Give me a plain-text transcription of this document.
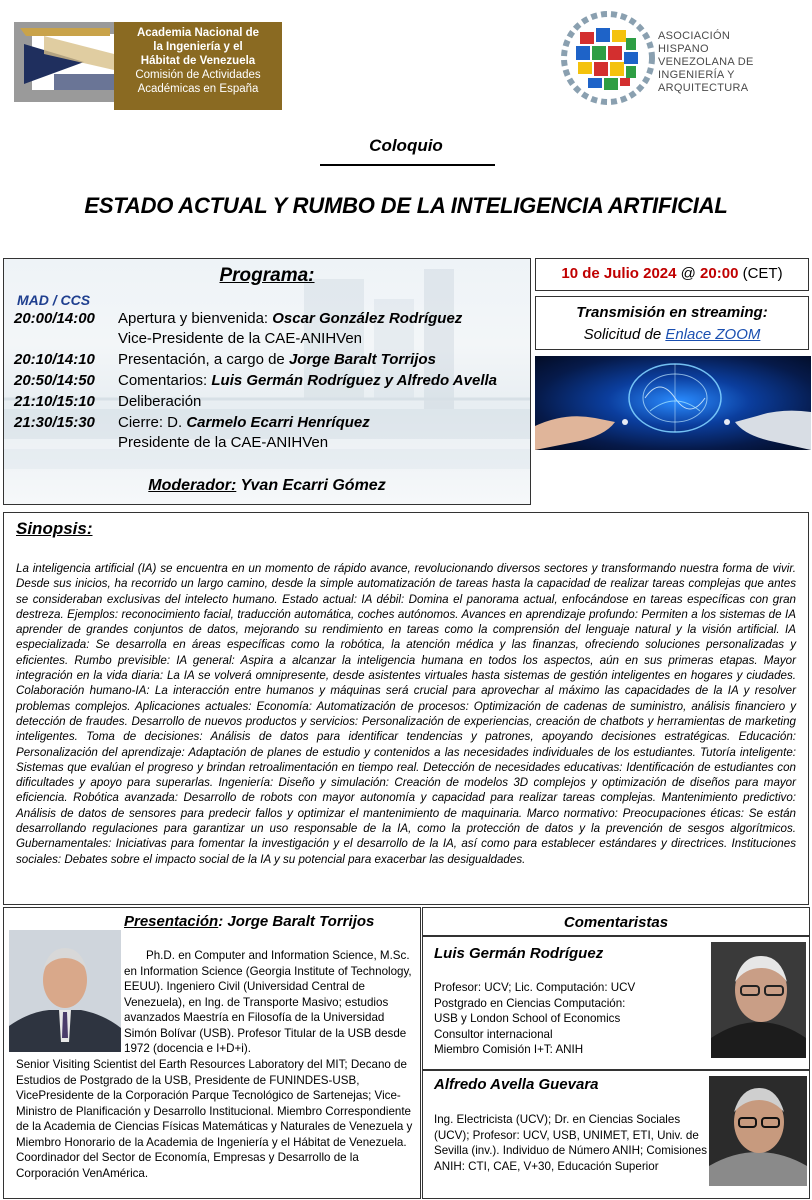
Academia Nacional de
la Ingeniería y el
Hábitat de Venezuela
Comisión de Actividades
Académicas en España
ASOCIACIÓN
HISPANO
VENEZOLANA DE
INGENIERÍA Y
ARQUITECTURA
Coloquio
ESTADO ACTUAL Y RUMBO DE LA INTELIGENCIA ARTIFICIAL
Programa:
MAD / CCS
20:00/14:00	Apertura y bienvenida: Oscar González Rodríguez
Vice-Presidente de la CAE-ANIHVen
20:10/14:10	Presentación, a cargo de Jorge Baralt Torrijos
20:50/14:50	Comentarios: Luis Germán Rodríguez y Alfredo Avella
21:10/15:10	Deliberación
21:30/15:30	Cierre: D. Carmelo Ecarri Henríquez
Presidente de la CAE-ANIHVen
Moderador: Yvan Ecarri Gómez
10 de Julio 2024 @ 20:00 (CET)
Transmisión en streaming:
Solicitud de Enlace ZOOM
Sinopsis:
La inteligencia artificial (IA) se encuentra en un momento de rápido avance, revolucionando diversos sectores y transformando nuestra forma de vivir. Desde sus inicios, ha recorrido un largo camino, desde la simple automatización de tareas hasta la capacidad de realizar tareas complejas que antes se consideraban exclusivas del intelecto humano. Estado actual: IA débil: Domina el panorama actual, enfocándose en tareas específicas con gran destreza. Ejemplos: reconocimiento facial, traducción automática, coches autónomos. Avances en aprendizaje profundo: Permiten a los sistemas de IA aprender de grandes conjuntos de datos, mejorando su rendimiento en tareas como la comprensión del lenguaje natural y la visión artificial. IA especializada: Se desarrolla en áreas específicas como la robótica, la atención médica y las finanzas, ofreciendo soluciones personalizadas y eficientes. Rumbo previsible: IA general: Aspira a alcanzar la inteligencia humana en todos los aspectos, aún en sus primeras etapas. Mayor integración en la vida diaria: La IA se volverá omnipresente, desde asistentes virtuales hasta sistemas de gestión inteligentes en hogares y ciudades. Colaboración humano-IA: La interacción entre humanos y máquinas será crucial para aprovechar al máximo las capacidades de la IA y resolver problemas complejos. Aplicaciones actuales: Economía: Automatización de procesos: Optimización de cadenas de suministro, análisis financiero y detección de fraudes. Desarrollo de nuevos productos y servicios: Personalización de experiencias, creación de chatbots y herramientas de marketing inteligentes. Toma de decisiones: Análisis de datos para identificar tendencias y patrones, apoyando decisiones estratégicas. Educación: Personalización del aprendizaje: Adaptación de planes de estudio y contenidos a las necesidades individuales de los estudiantes. Tutoría inteligente: Sistemas que evalúan el progreso y brindan retroalimentación en tiempo real. Detección de necesidades educativas: Identificación de estudiantes con dificultades y apoyo para superarlas. Ingeniería: Diseño y simulación: Creación de modelos 3D complejos y optimización de diseños para mayor eficiencia. Robótica avanzada: Desarrollo de robots con mayor autonomía y capacidad para realizar tareas complejas. Mantenimiento predictivo: Análisis de datos de sensores para predecir fallos y optimizar el mantenimiento de maquinaria. Marco normativo: Preocupaciones éticas: Se están desarrollando regulaciones para garantizar un uso responsable de la IA, como la protección de datos y la prevención de sesgos algorítmicos. Gubernamentales: Iniciativas para fomentar la investigación y el desarrollo de la IA, así como para establecer estándares y directrices. Instituciones sociales: Debates sobre el impacto social de la IA y su potencial para exacerbar las desigualdades.
Presentación: Jorge Baralt Torrijos
Ph.D. en Computer and Information Science, M.Sc. en Information Science (Georgia Institute of Technology, EEUU). Ingeniero Civil (Universidad Central de Venezuela), en Ing. de Transporte Masivo; estudios avanzados Maestría en Filosofía de la Universidad Simón Bolívar (USB). Profesor Titular de la USB desde 1972 (docencia e I+D+i).
Senior Visiting Scientist del Earth Resources Laboratory del MIT; Decano de Estudios de Postgrado de la USB, Presidente de FUNINDES-USB, VicePresidente de la Corporación Parque Tecnológico de Sartenejas; Vice-Ministro de Planificación y Desarrollo Institucional. Miembro Correspondiente de la Academia de Ciencias Físicas Matemáticas y Naturales de Venezuela y Miembro Honorario de la Academia de Ingeniería y el Hábitat de Venezuela. Coordinador del Sector de Economía, Empresas y Desarrollo de la Corporación VenAmérica.
Comentaristas
Luis Germán Rodríguez
Profesor: UCV; Lic. Computación: UCV
Postgrado en Ciencias Computación:
USB y London School of Economics
Consultor internacional
Miembro Comisión I+T: ANIH
Alfredo Avella Guevara
Ing. Electricista (UCV); Dr. en Ciencias Sociales (UCV); Profesor: UCV, USB, UNIMET, ETI, Univ. de Sevilla (inv.). Individuo de Número ANIH; Comisiones ANIH: CTI, CAE, V+30, Educación Superior
